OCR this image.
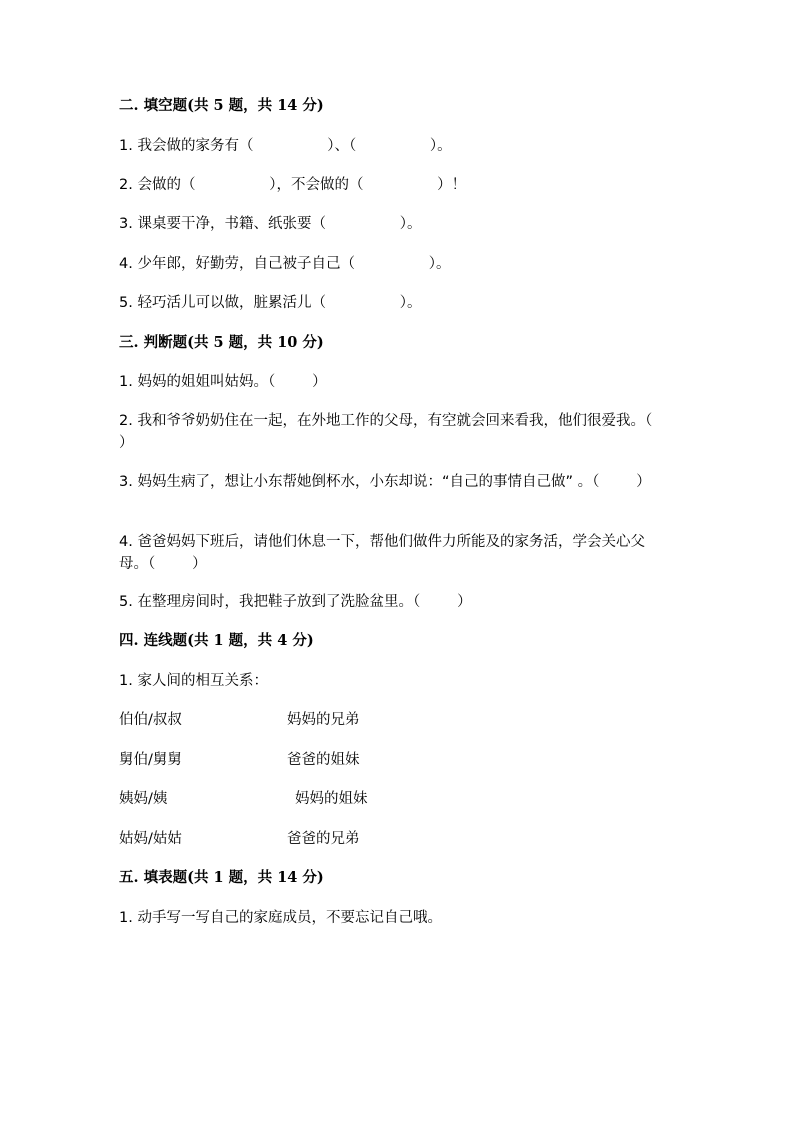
二. 填空题(共 5 题，共 14 分)
1. 我会做的家务有（                ）、（                ）。
2. 会做的（                ），不会做的（                ）！
3. 课桌要干净，书籍、纸张要（                ）。
4. 少年郎，好勤劳，自己被子自己（                ）。
5. 轻巧活儿可以做，脏累活儿（                ）。
三. 判断题(共 5 题，共 10 分)
1. 妈妈的姐姐叫姑妈。（        ）
2. 我和爷爷奶奶住在一起，在外地工作的父母，有空就会回来看我，他们很爱我。（        ）
3. 妈妈生病了，想让小东帮她倒杯水，小东却说：“自己的事情自己做” 。（        ）
4. 爸爸妈妈下班后，请他们休息一下，帮他们做件力所能及的家务活，学会关心父母。（        ）
5. 在整理房间时，我把鞋子放到了洗脸盆里。（        ）
四. 连线题(共 1 题，共 4 分)
1. 家人间的相互关系：
伯伯/叔叔	妈妈的兄弟
舅伯/舅舅	爸爸的姐妹
姨妈/姨	妈妈的姐妹
姑妈/姑姑	爸爸的兄弟
五. 填表题(共 1 题，共 14 分)
1. 动手写一写自己的家庭成员，不要忘记自己哦。
